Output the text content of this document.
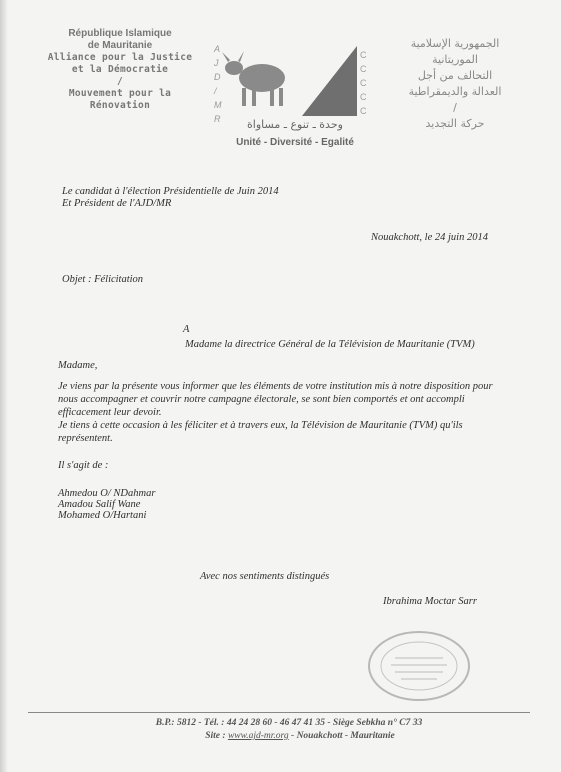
République Islamique
de Mauritanie
Alliance pour la Justice
et la Démocratie
/
Mouvement pour la
Rénovation
A
J
D
/
M
R
C
C
C
C
C
وحدة ـ تنوع ـ مساواة
Unité - Diversité - Egalité
الجمهورية الإسلامية
الموريتانية
التحالف من أجل
العدالة والديمقراطية
/
حركة التجديد
Le candidat à l'élection Présidentielle de Juin 2014
Et Président de l'AJD/MR
Nouakchott, le 24 juin 2014
Objet : Félicitation
A
Madame la directrice Général de la Télévision de Mauritanie (TVM)
Madame,
Je viens par la présente vous informer que les éléments de votre institution mis à notre disposition pour nous accompagner et couvrir notre campagne électorale, se sont bien comportés et ont accompli efficacement leur devoir.
Je tiens à cette occasion à les féliciter et à travers eux, la Télévision de Mauritanie (TVM) qu'ils représentent.
Il s'agit de :
Ahmedou O/ NDahmar
Amadou Salif Wane
Mohamed O/Hartani
Avec nos sentiments distingués
Ibrahima Moctar Sarr
B.P.: 5812 - Tél. : 44 24 28 60 - 46 47 41 35 - Siège Sebkha n° C7 33
Site : www.ajd-mr.org - Nouakchott - Mauritanie
